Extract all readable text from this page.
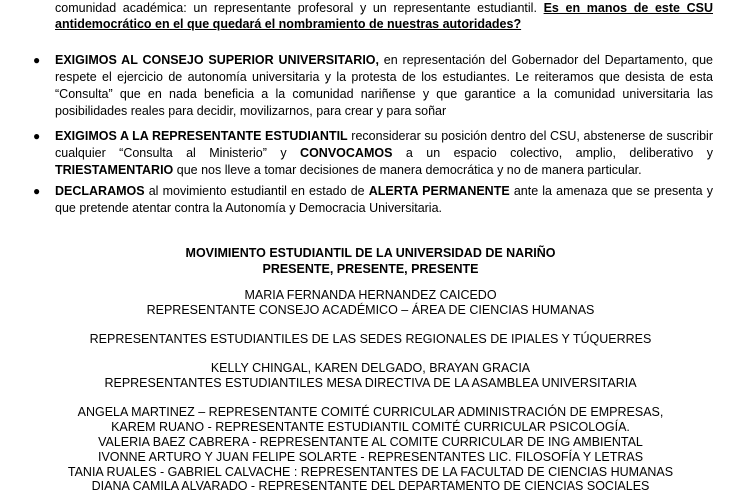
comunidad académica: un representante profesoral y un representante estudiantil. Es en manos de este CSU antidemocrático en el que quedará el nombramiento de nuestras autoridades?
● EXIGIMOS AL CONSEJO SUPERIOR UNIVERSITARIO, en representación del Gobernador del Departamento, que respete el ejercicio de autonomía universitaria y la protesta de los estudiantes. Le reiteramos que desista de esta “Consulta” que en nada beneficia a la comunidad nariñense y que garantice a la comunidad universitaria las posibilidades reales para decidir, movilizarnos, para crear y para soñar
● EXIGIMOS A LA REPRESENTANTE ESTUDIANTIL reconsiderar su posición dentro del CSU, abstenerse de suscribir cualquier “Consulta al Ministerio” y CONVOCAMOS a un espacio colectivo, amplio, deliberativo y TRIESTAMENTARIO que nos lleve a tomar decisiones de manera democrática y no de manera particular.
● DECLARAMOS al movimiento estudiantil en estado de ALERTA PERMANENTE ante la amenaza que se presenta y que pretende atentar contra la Autonomía y Democracia Universitaria.
MOVIMIENTO ESTUDIANTIL DE LA UNIVERSIDAD DE NARIÑO
PRESENTE, PRESENTE, PRESENTE
MARIA FERNANDA HERNANDEZ CAICEDO
REPRESENTANTE CONSEJO ACADÉMICO – ÁREA DE CIENCIAS HUMANAS
REPRESENTANTES ESTUDIANTILES DE LAS SEDES REGIONALES DE IPIALES Y TÚQUERRES
KELLY CHINGAL, KAREN DELGADO, BRAYAN GRACIA
REPRESENTANTES ESTUDIANTILES MESA DIRECTIVA DE LA ASAMBLEA UNIVERSITARIA
ANGELA MARTINEZ – REPRESENTANTE COMITÉ CURRICULAR ADMINISTRACIÓN DE EMPRESAS,
KAREM RUANO - REPRESENTANTE ESTUDIANTIL COMITÉ CURRICULAR PSICOLOGÍA.
VALERIA BAEZ CABRERA - REPRESENTANTE AL COMITE CURRICULAR DE ING AMBIENTAL
IVONNE ARTURO Y JUAN FELIPE SOLARTE - REPRESENTANTES LIC. FILOSOFÍA Y LETRAS
TANIA RUALES - GABRIEL CALVACHE : REPRESENTANTES DE LA FACULTAD DE CIENCIAS HUMANAS
DIANA CAMILA ALVARADO - REPRESENTANTE DEL DEPARTAMENTO DE CIENCIAS SOCIALES
